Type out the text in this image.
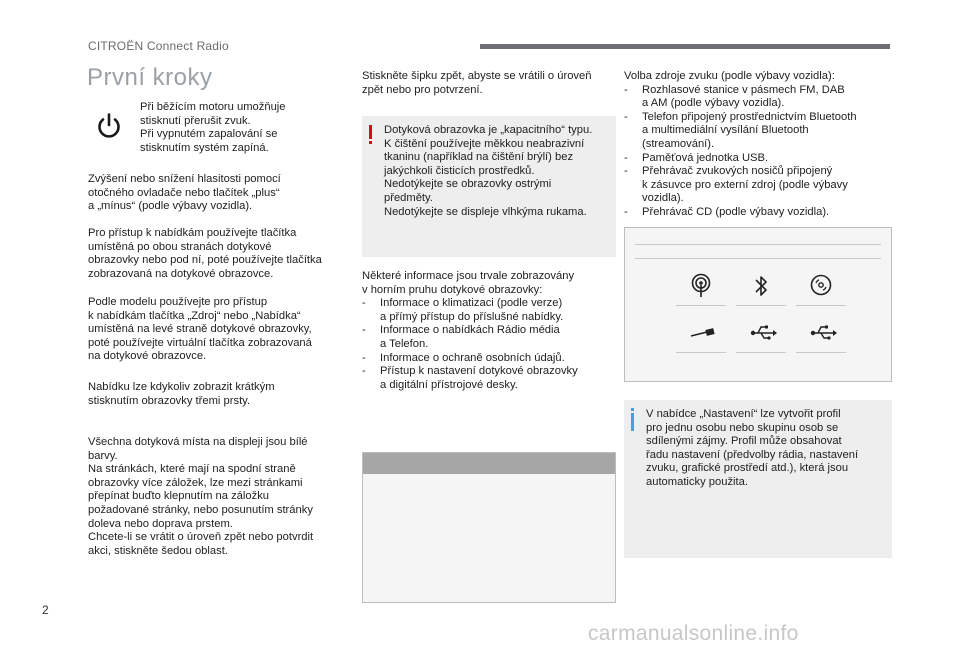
CITROËN Connect Radio
První kroky

Při běžícím motoru umožňuje

stisknutí přerušit zvuk.

Při vypnutém zapalování se

stisknutím systém zapíná.

Zvýšení nebo snížení hlasitosti pomocí

otočného ovladače nebo tlačítek „plus“

a „mínus“ (podle výbavy vozidla).

Pro přístup k nabídkám používejte tlačítka

umístěná po obou stranách dotykové

obrazovky nebo pod ní, poté používejte tlačítka

zobrazovaná na dotykové obrazovce.

Podle modelu používejte pro přístup

k nabídkám tlačítka „Zdroj“ nebo „Nabídka“

umístěná na levé straně dotykové obrazovky,

poté používejte virtuální tlačítka zobrazovaná

na dotykové obrazovce.

Nabídku lze kdykoliv zobrazit krátkým

stisknutím obrazovky třemi prsty.

Všechna dotyková místa na displeji jsou bílé

barvy.

Na stránkách, které mají na spodní straně

obrazovky více záložek, lze mezi stránkami

přepínat buďto klepnutím na záložku

požadované stránky, nebo posunutím stránky

doleva nebo doprava prstem.

Chcete-li se vrátit o úroveň zpět nebo potvrdit

akci, stiskněte šedou oblast.

Stiskněte šipku zpět, abyste se vrátili o úroveň

zpět nebo pro potvrzení.

Dotyková obrazovka je „kapacitního“ typu.

K čištění používejte měkkou neabrazivní

tkaninu (například na čištění brýlí) bez

jakýchkoli čisticích prostředků.

Nedotýkejte se obrazovky ostrými

předměty.

Nedotýkejte se displeje vlhkýma rukama.

Některé informace jsou trvale zobrazovány

v horním pruhu dotykové obrazovky:

- Informace o klimatizaci (podle verze)
a přímý přístup do příslušné nabídky.
- Informace o nabídkách Rádio média
a Telefon.
- Informace o ochraně osobních údajů.
- Přístup k nastavení dotykové obrazovky
a digitální přístrojové desky.

Volba zdroje zvuku (podle výbavy vozidla):

- Rozhlasové stanice v pásmech FM, DAB
a AM (podle výbavy vozidla).
- Telefon připojený prostřednictvím Bluetooth
a multimediální vysílání Bluetooth
(streamování).
- Paměťová jednotka USB.
- Přehrávač zvukových nosičů připojený
k zásuvce pro externí zdroj (podle výbavy
vozidla).
- Přehrávač CD (podle výbavy vozidla).

V nabídce „Nastavení“ lze vytvořit profil

pro jednu osobu nebo skupinu osob se

sdílenými zájmy. Profil může obsahovat

řadu nastavení (předvolby rádia, nastavení

zvuku, grafické prostředí atd.), která jsou

automaticky použita.

2
carmanualsonline.info
